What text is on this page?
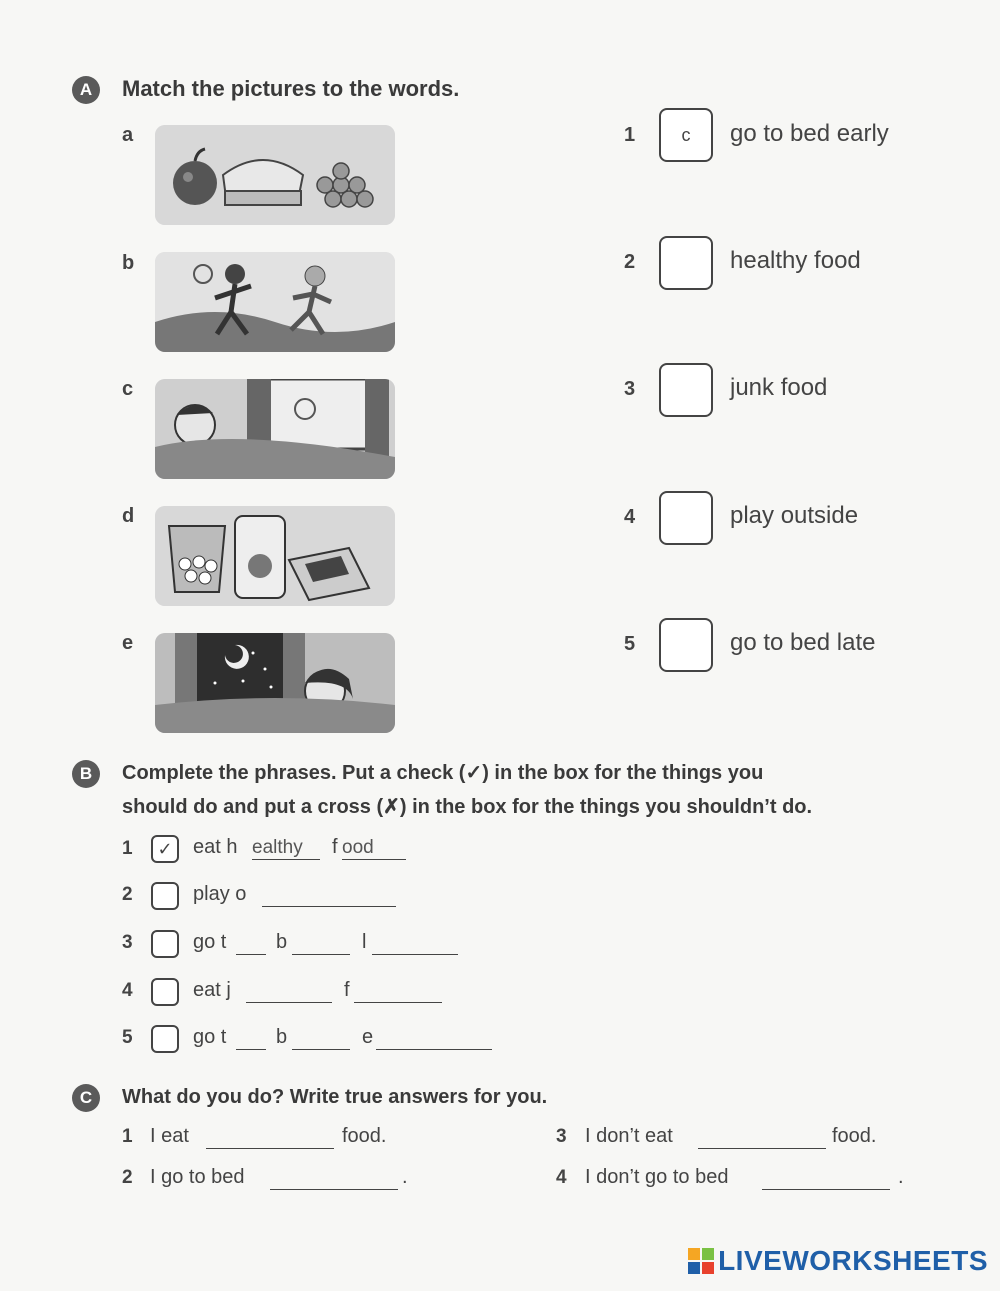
A	Match the pictures to the words.
a
b
c
d
e
1	c	go to bed early
2	healthy food
3	junk food
4	play outside
5	go to bed late
B	Complete the phrases. Put a check (✓) in the box for the things you
should do and put a cross (✗) in the box for the things you shouldn’t do.
1	✓	eat h ealthy	f ood
2	play o
3	go t b	l
4	eat j	f
5	go t b	e
C	What do you do? Write true answers for you.
1 I eat	food.
2 I go to bed	.
3 I don’t eat	food.
4 I don’t go to bed	.
LIVEWORKSHEETS
